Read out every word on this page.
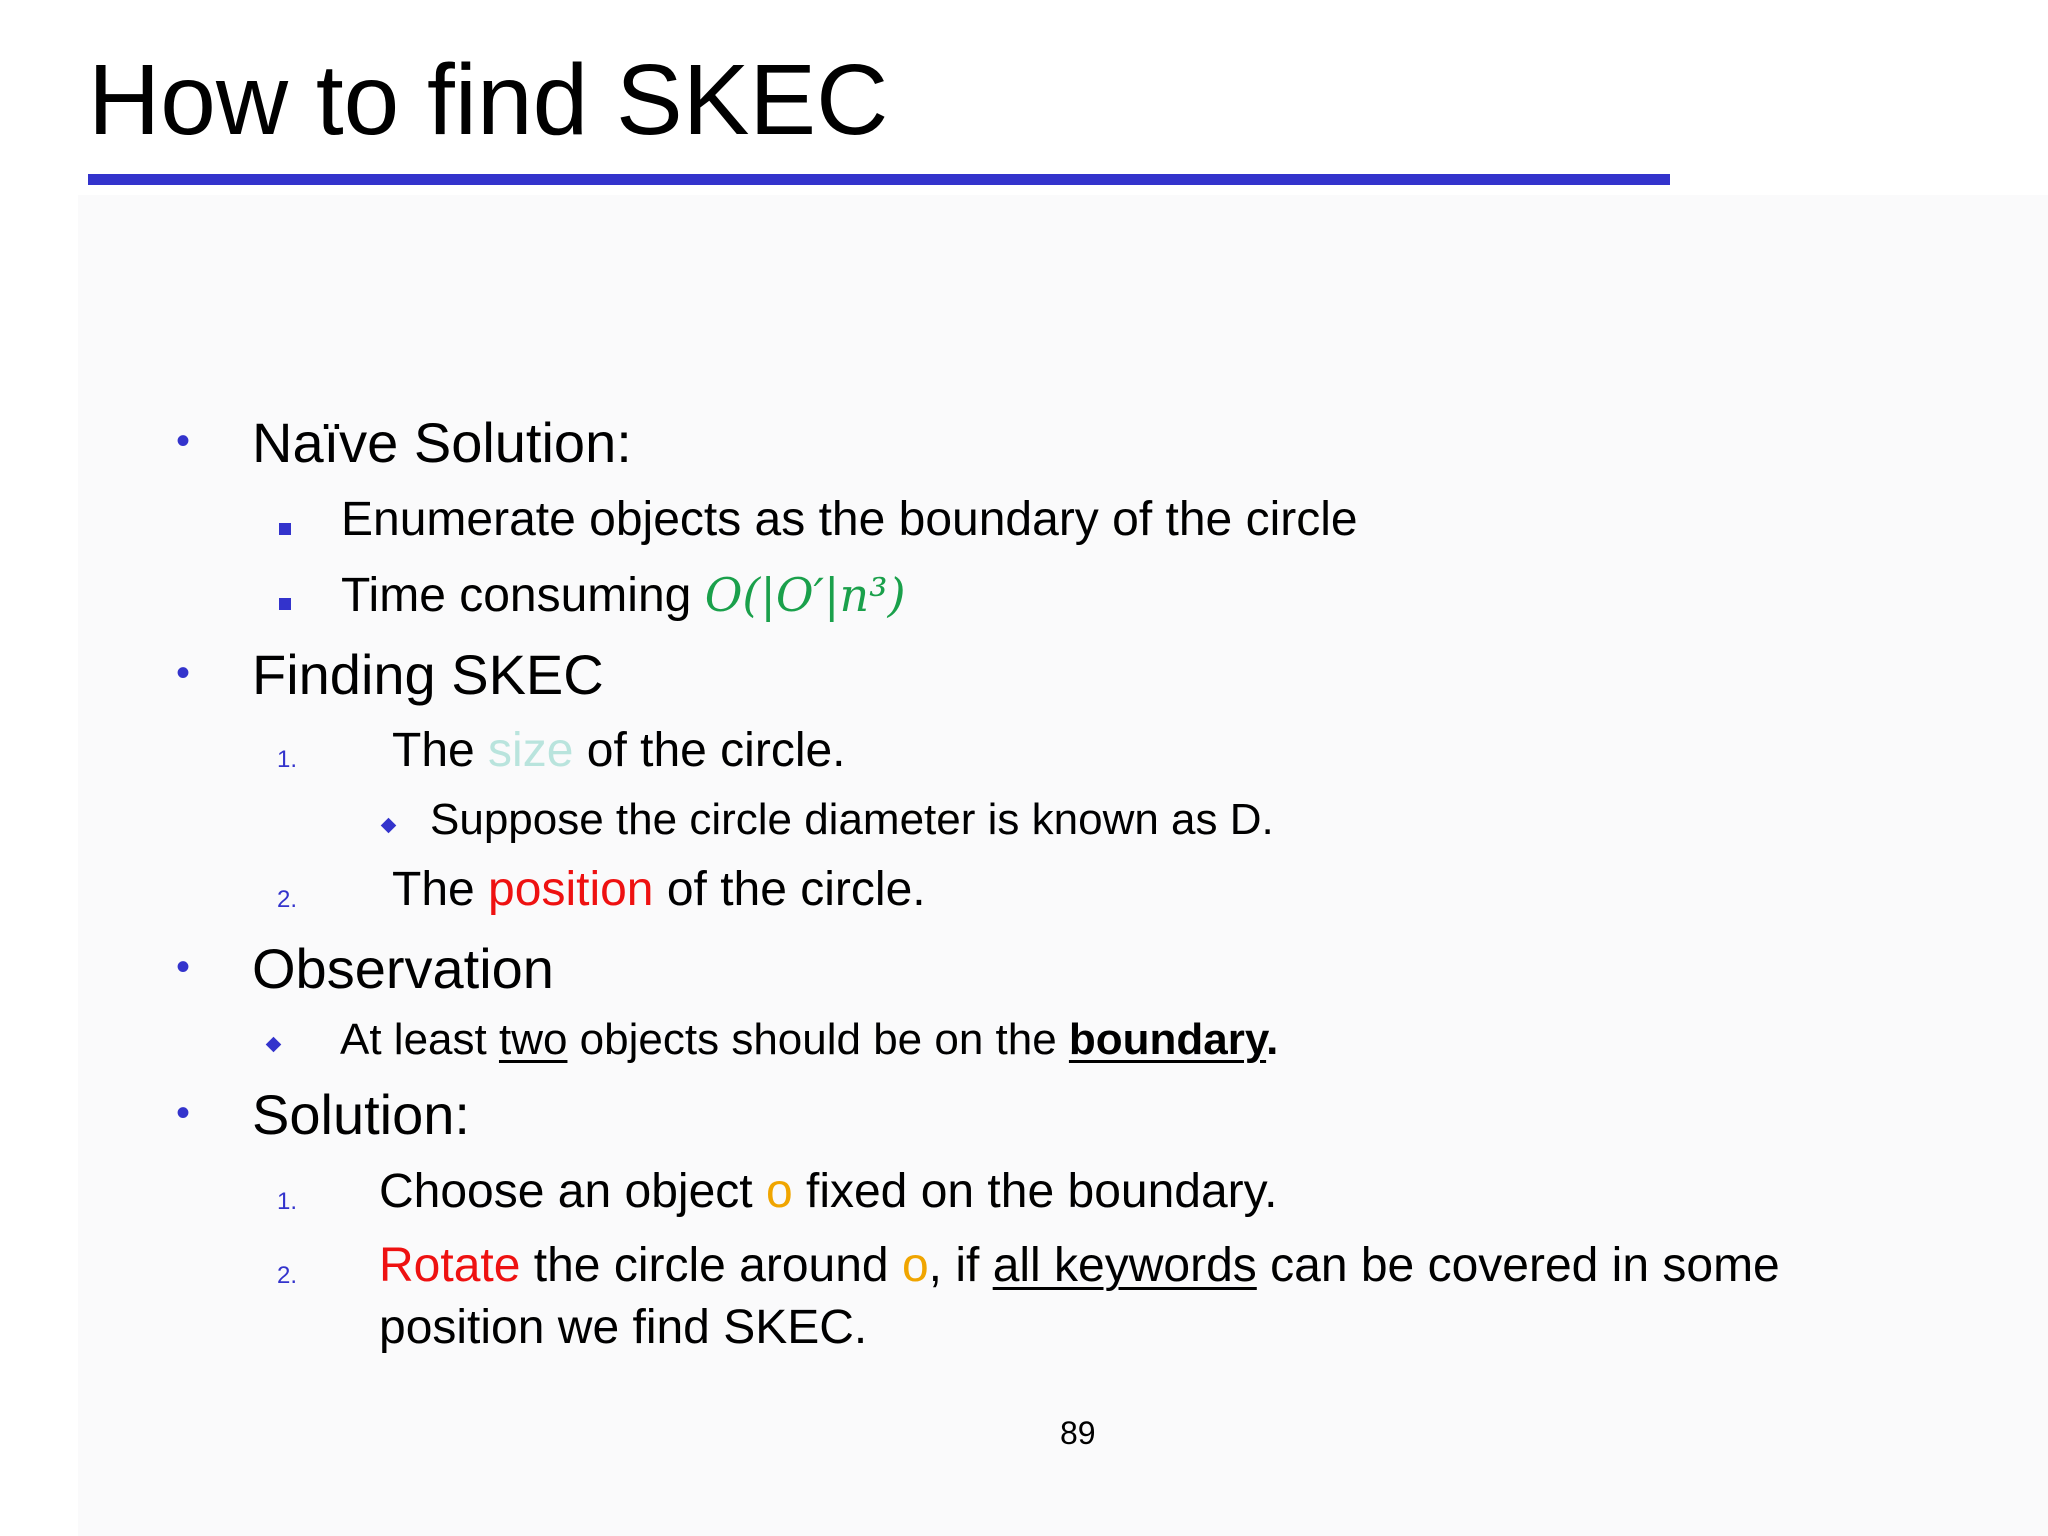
How to find SKEC
• Naïve Solution:
Enumerate objects as the boundary of the circle
Time consuming O(|O′|n³)
• Finding SKEC
1. The size of the circle.
Suppose the circle diameter is known as D.
2. The position of the circle.
• Observation
At least two objects should be on the boundary.
• Solution:
1. Choose an object o fixed on the boundary.
2. Rotate the circle around o, if all keywords can be covered in some
position we find SKEC.
89
